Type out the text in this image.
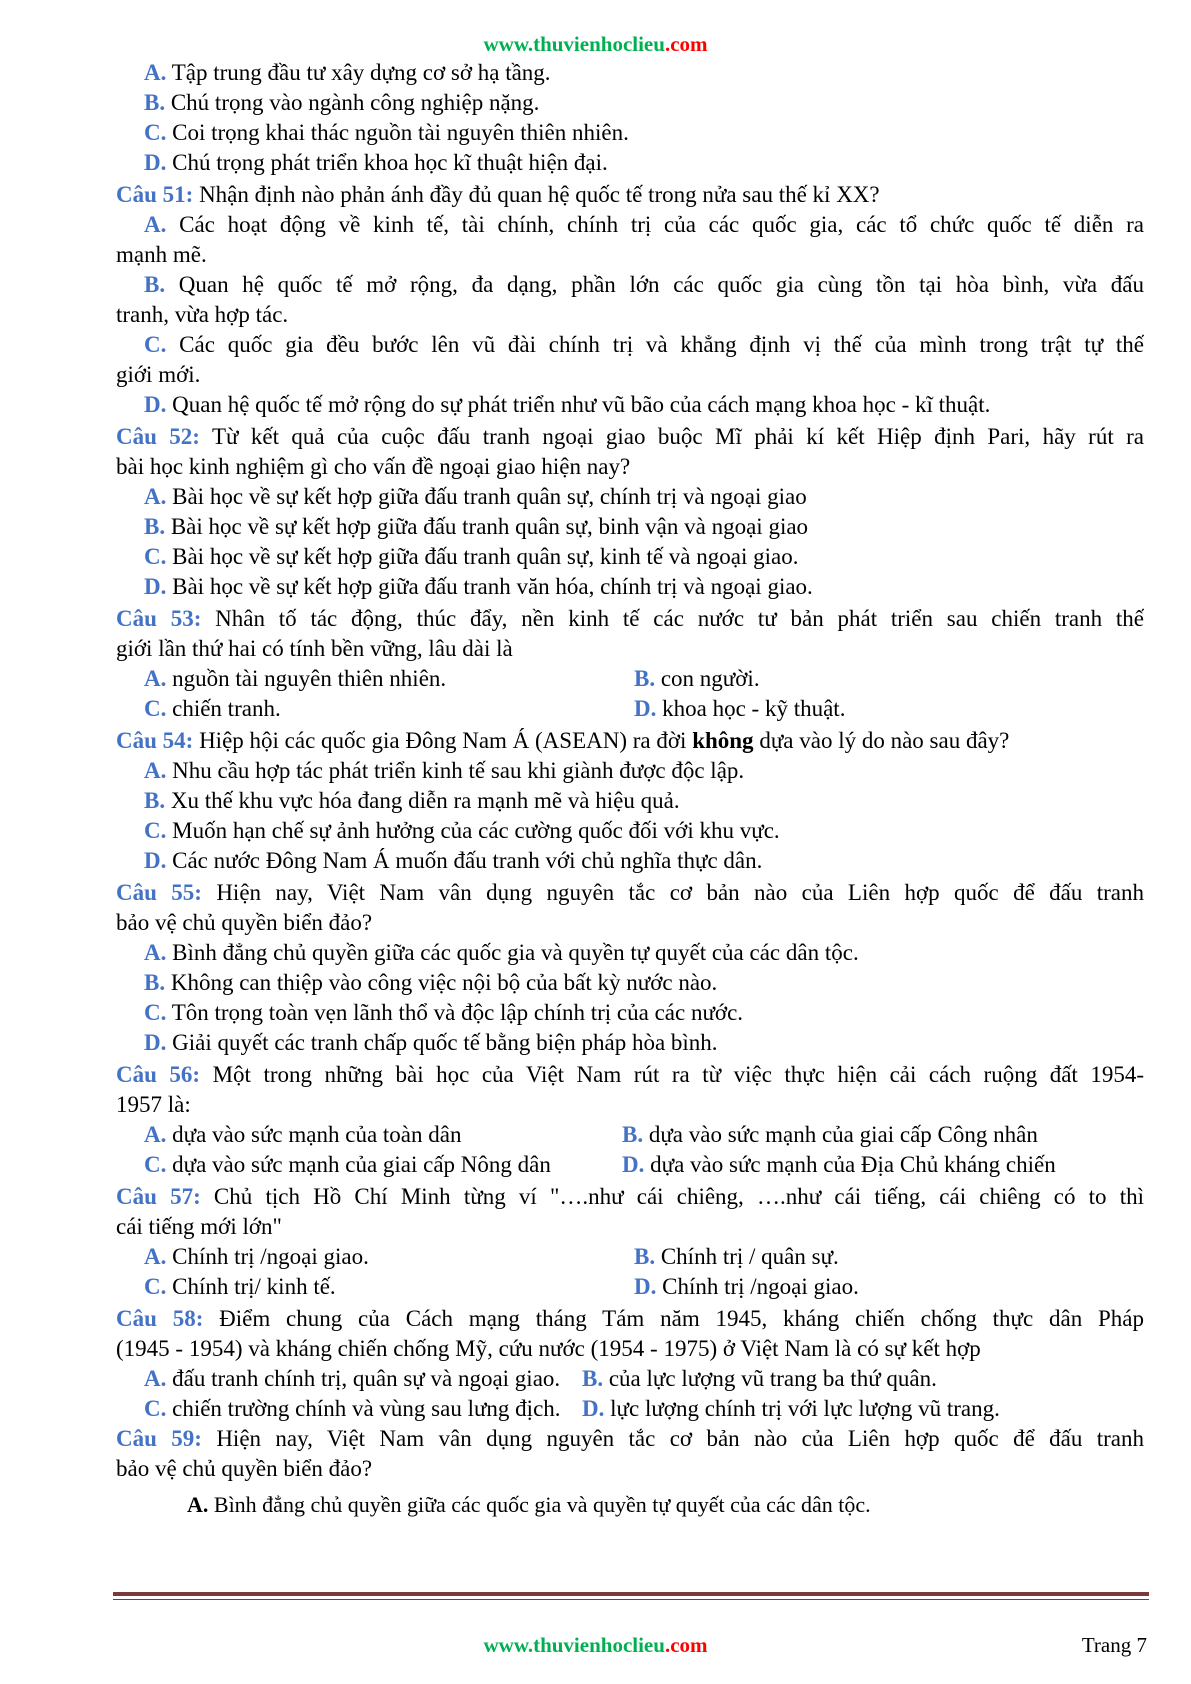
www.thuvienhoclieu.com
A. Tập trung đầu tư xây dựng cơ sở hạ tầng.
B. Chú trọng vào ngành công nghiệp nặng.
C. Coi trọng khai thác nguồn tài nguyên thiên nhiên.
D. Chú trọng phát triển khoa học kĩ thuật hiện đại.
Câu 51: Nhận định nào phản ánh đầy đủ quan hệ quốc tế trong nửa sau thế kỉ XX?
A. Các hoạt động về kinh tế, tài chính, chính trị của các quốc gia, các tổ chức quốc tế diễn ra
mạnh mẽ.
B. Quan hệ quốc tế mở rộng, đa dạng, phần lớn các quốc gia cùng tồn tại hòa bình, vừa đấu
tranh, vừa hợp tác.
C. Các quốc gia đều bước lên vũ đài chính trị và khẳng định vị thế của mình trong trật tự thế
giới mới.
D. Quan hệ quốc tế mở rộng do sự phát triển như vũ bão của cách mạng khoa học - kĩ thuật.
Câu 52: Từ kết quả của cuộc đấu tranh ngoại giao buộc Mĩ phải kí kết Hiệp định Pari, hãy rút ra
bài học kinh nghiệm gì cho vấn đề ngoại giao hiện nay?
A. Bài học về sự kết hợp giữa đấu tranh quân sự, chính trị và ngoại giao
B. Bài học về sự kết hợp giữa đấu tranh quân sự, binh vận và ngoại giao
C. Bài học về sự kết hợp giữa đấu tranh quân sự, kinh tế và ngoại giao.
D. Bài học về sự kết hợp giữa đấu tranh văn hóa, chính trị và ngoại giao.
Câu 53: Nhân tố tác động, thúc đẩy, nền kinh tế các nước tư bản phát triển sau chiến tranh thế
giới lần thứ hai có tính bền vững, lâu dài là
A. nguồn tài nguyên thiên nhiên.	B. con người.
C. chiến tranh.	D. khoa học - kỹ thuật.
Câu 54: Hiệp hội các quốc gia Đông Nam Á (ASEAN) ra đời không dựa vào lý do nào sau đây?
A. Nhu cầu hợp tác phát triển kinh tế sau khi giành được độc lập.
B. Xu thế khu vực hóa đang diễn ra mạnh mẽ và hiệu quả.
C. Muốn hạn chế sự ảnh hưởng của các cường quốc đối với khu vực.
D. Các nước Đông Nam Á muốn đấu tranh với chủ nghĩa thực dân.
Câu 55: Hiện nay, Việt Nam vân dụng nguyên tắc cơ bản nào của Liên hợp quốc để đấu tranh
bảo vệ chủ quyền biển đảo?
A. Bình đẳng chủ quyền giữa các quốc gia và quyền tự quyết của các dân tộc.
B. Không can thiệp vào công việc nội bộ của bất kỳ nước nào.
C. Tôn trọng toàn vẹn lãnh thổ và độc lập chính trị của các nước.
D. Giải quyết các tranh chấp quốc tế bằng biện pháp hòa bình.
Câu 56: Một trong những bài học của Việt Nam rút ra từ việc thực hiện cải cách ruộng đất 1954-
1957 là:
A. dựa vào sức mạnh của toàn dân	B. dựa vào sức mạnh của giai cấp Công nhân
C. dựa vào sức mạnh của giai cấp Nông dân	D. dựa vào sức mạnh của Địa Chủ kháng chiến
Câu 57: Chủ tịch Hồ Chí Minh từng ví "….như cái chiêng, ….như cái tiếng, cái chiêng có to thì
cái tiếng mới lớn"
A. Chính trị /ngoại giao.	B. Chính trị / quân sự.
C. Chính trị/ kinh tế.	D. Chính trị /ngoại giao.
Câu 58: Điểm chung của Cách mạng tháng Tám năm 1945, kháng chiến chống thực dân Pháp
(1945 - 1954) và kháng chiến chống Mỹ, cứu nước (1954 - 1975) ở Việt Nam là có sự kết hợp
A. đấu tranh chính trị, quân sự và ngoại giao. B. của lực lượng vũ trang ba thứ quân.
C. chiến trường chính và vùng sau lưng địch. D. lực lượng chính trị với lực lượng vũ trang.
Câu 59: Hiện nay, Việt Nam vân dụng nguyên tắc cơ bản nào của Liên hợp quốc để đấu tranh
bảo vệ chủ quyền biển đảo?
A. Bình đẳng chủ quyền giữa các quốc gia và quyền tự quyết của các dân tộc.
www.thuvienhoclieu.com	Trang 7
